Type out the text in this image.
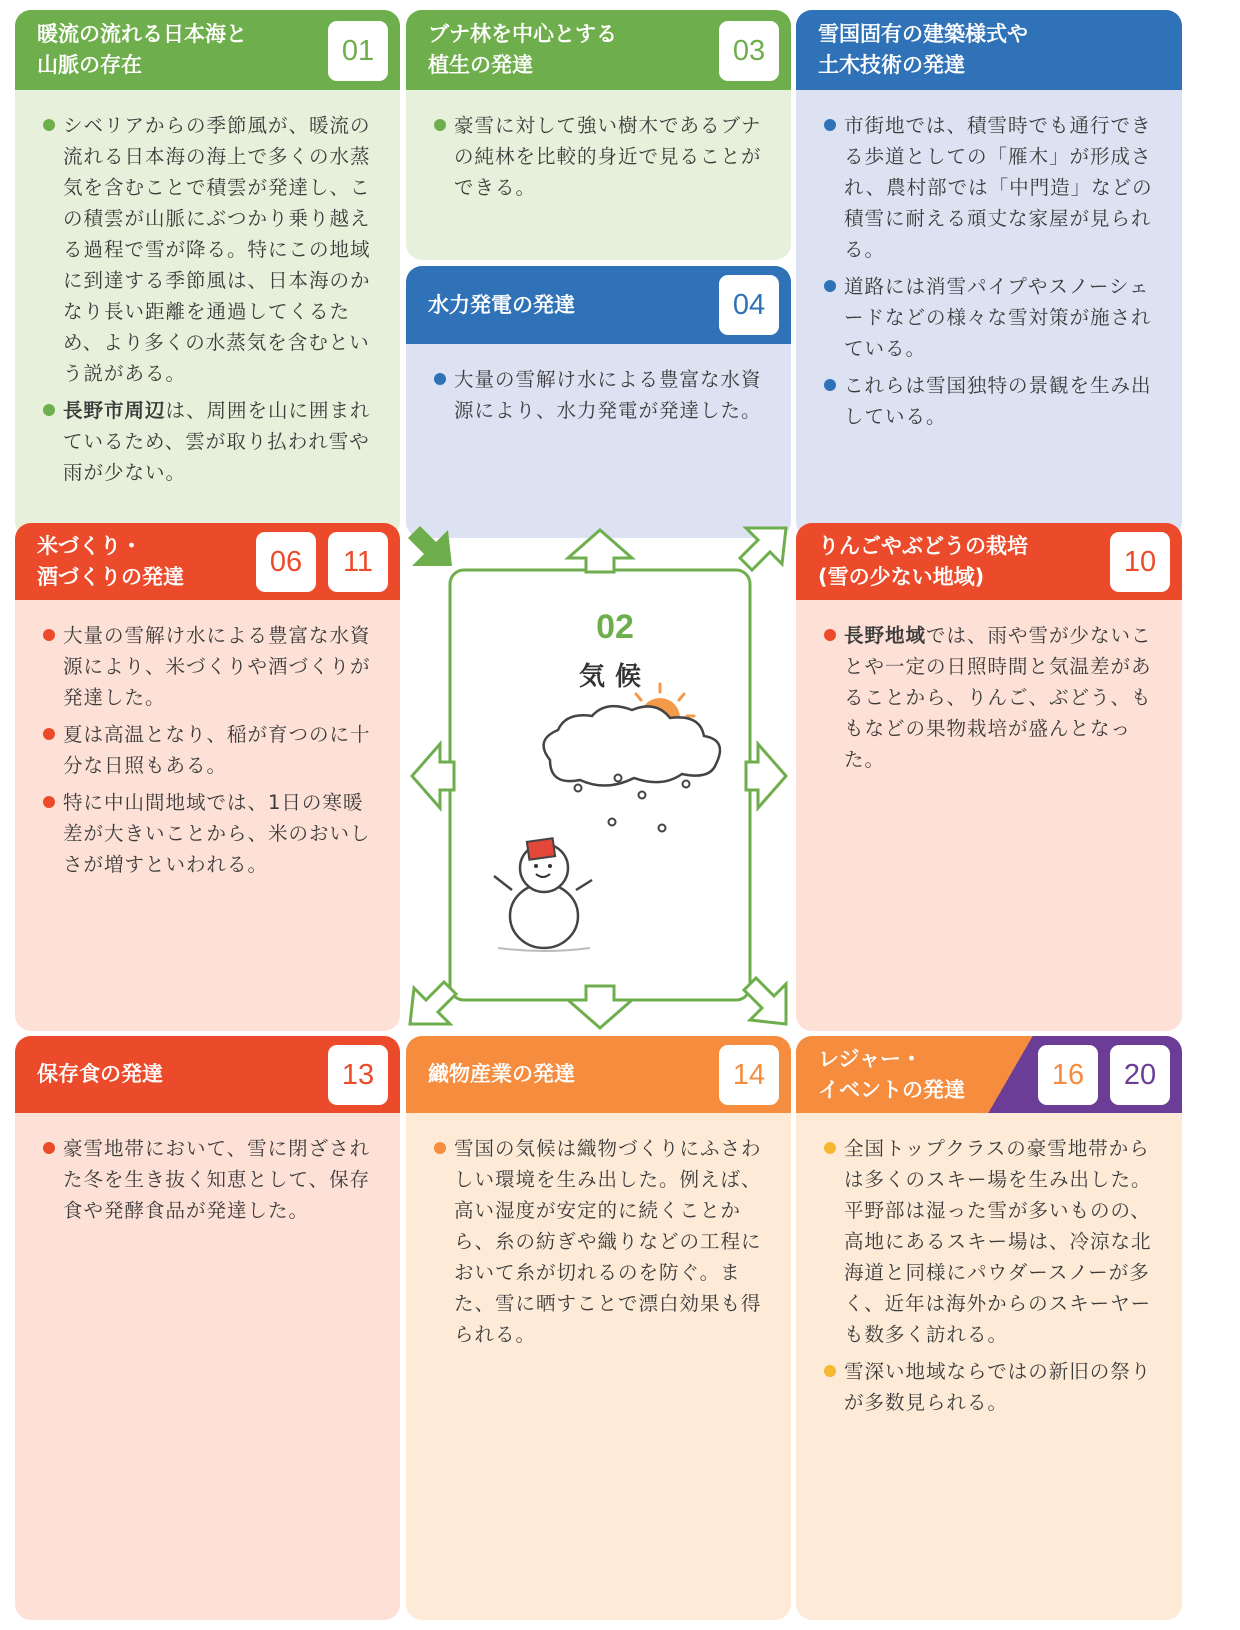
暖流の流れる日本海と
山脈の存在	01
シベリアからの季節風が、暖流の流れる日本海の海上で多くの水蒸気を含むことで積雲が発達し、この積雲が山脈にぶつかり乗り越える過程で雪が降る。特にこの地域に到達する季節風は、日本海のかなり長い距離を通過してくるため、より多くの水蒸気を含むという説がある。
長野市周辺は、周囲を山に囲まれているため、雲が取り払われ雪や雨が少ない。
ブナ林を中心とする
植生の発達	03
豪雪に対して強い樹木であるブナの純林を比較的身近で見ることができる。
水力発電の発達	04
大量の雪解け水による豊富な水資源により、水力発電が発達した。
雪国固有の建築様式や
土木技術の発達
市街地では、積雪時でも通行できる歩道としての「雁木」が形成され、農村部では「中門造」などの積雪に耐える頑丈な家屋が見られる。
道路には消雪パイプやスノーシェードなどの様々な雪対策が施されている。
これらは雪国独特の景観を生み出している。
米づくり・
酒づくりの発達	06	11
大量の雪解け水による豊富な水資源により、米づくりや酒づくりが発達した。
夏は高温となり、稲が育つのに十分な日照もある。
特に中山間地域では、1日の寒暖差が大きいことから、米のおいしさが増すといわれる。
りんごやぶどうの栽培
(雪の少ない地域)	10
長野地域では、雨や雪が少ないことや一定の日照時間と気温差があることから、りんご、ぶどう、ももなどの果物栽培が盛んとなった。
保存食の発達	13
豪雪地帯において、雪に閉ざされた冬を生き抜く知恵として、保存食や発酵食品が発達した。
織物産業の発達	14
雪国の気候は織物づくりにふさわしい環境を生み出した。例えば、高い湿度が安定的に続くことから、糸の紡ぎや織りなどの工程において糸が切れるのを防ぐ。また、雪に晒すことで漂白効果も得られる。
レジャー・
イベントの発達	16	20
全国トップクラスの豪雪地帯からは多くのスキー場を生み出した。平野部は湿った雪が多いものの、高地にあるスキー場は、冷涼な北海道と同様にパウダースノーが多く、近年は海外からのスキーヤーも数多く訪れる。
雪深い地域ならではの新旧の祭りが多数見られる。
02
気候
